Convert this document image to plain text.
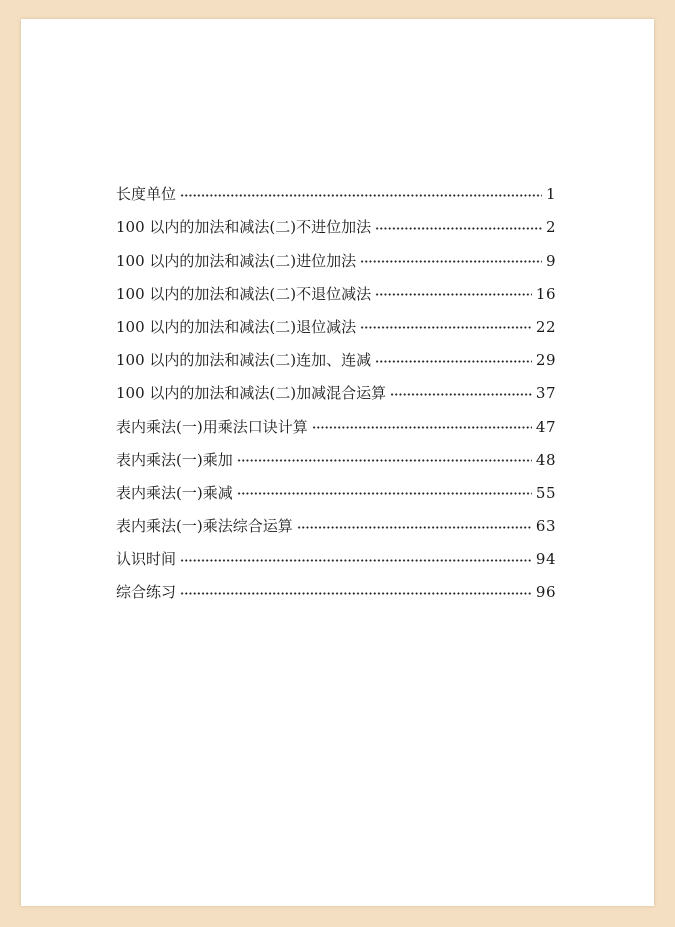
长度单位	1
100 以内的加法和减法(二)不进位加法	2
100 以内的加法和减法(二)进位加法	9
100 以内的加法和减法(二)不退位减法	16
100 以内的加法和减法(二)退位减法	22
100 以内的加法和减法(二)连加、连减	29
100 以内的加法和减法(二)加减混合运算	37
表内乘法(一)用乘法口诀计算	47
表内乘法(一)乘加	48
表内乘法(一)乘减	55
表内乘法(一)乘法综合运算	63
认识时间	94
综合练习	96
